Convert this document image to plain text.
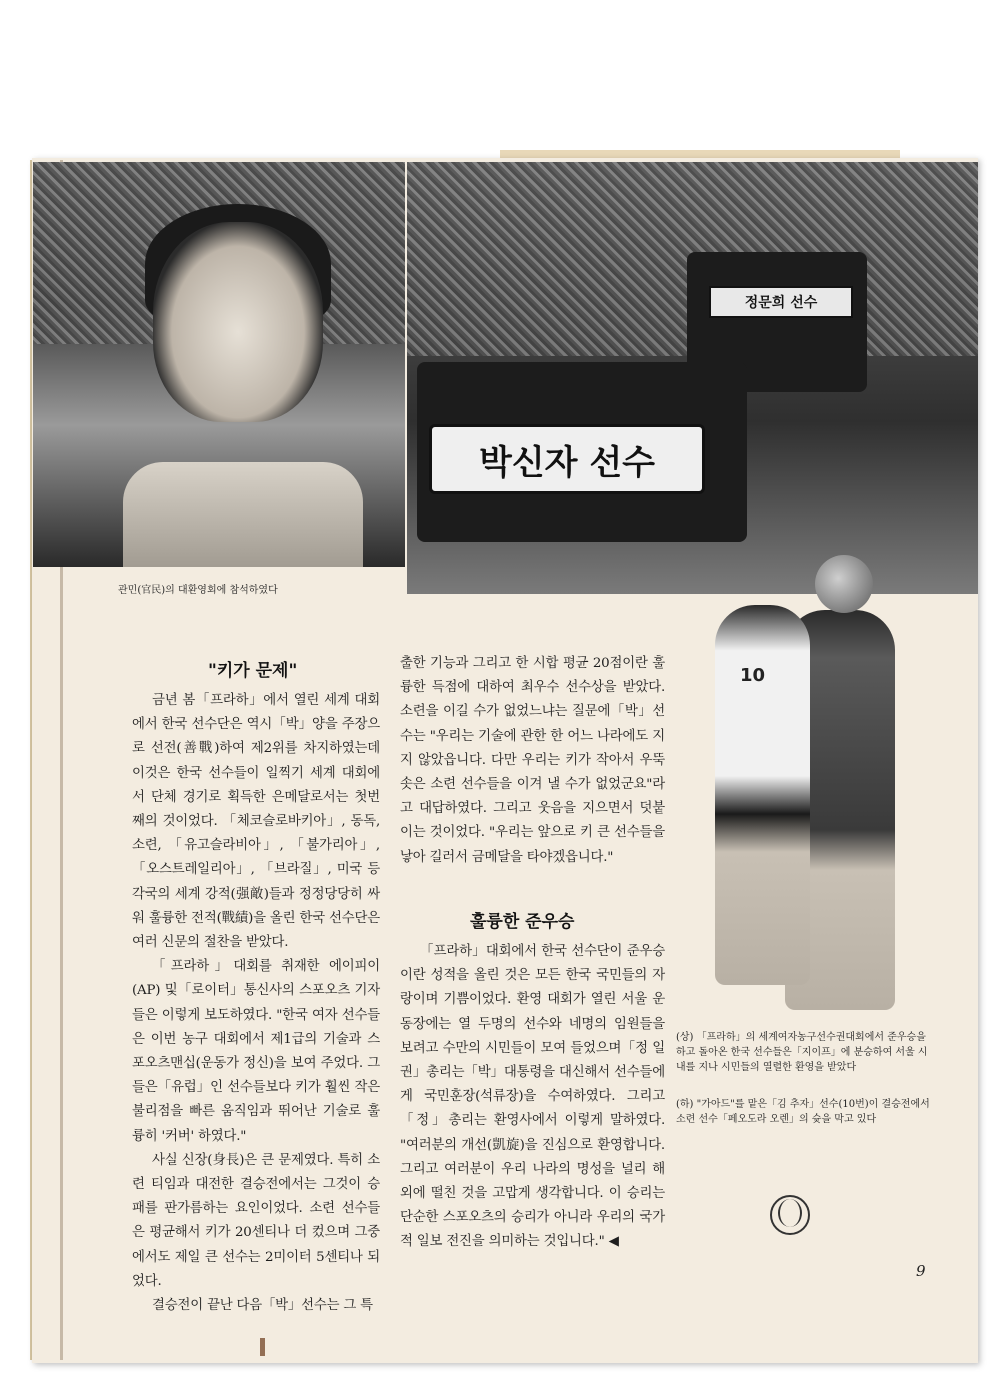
정문희 선수
박신자 선수
10
관민(官民)의 대환영회에 참석하였다
"키가 문제"

금년 봄「프라하」에서 열린 세계 대회에서 한국 선수단은 역시「박」양을 주장으로 선전(善戰)하여 제2위를 차지하였는데 이것은 한국 선수들이 일찍기 세계 대회에서 단체 경기로 획득한 은메달로서는 첫번째의 것이었다. 「체코슬로바키아」, 동독, 소련, 「유고슬라비아」, 「불가리아」, 「오스트레일리아」, 「브라질」, 미국 등 각국의 세계 강적(强敵)들과 정정당당히 싸워 훌륭한 전적(戰績)을 올린 한국 선수단은 여러 신문의 절찬을 받았다.

「프라하」대회를 취재한 에이피이(AP) 및「로이터」통신사의 스포오츠 기자들은 이렇게 보도하였다. "한국 여자 선수들은 이번 농구 대회에서 제1급의 기술과 스포오츠맨십(운동가 정신)을 보여 주었다. 그들은「유럽」인 선수들보다 키가 훨씬 작은 불리점을 빠른 움직임과 뛰어난 기술로 훌륭히 '커버' 하였다."

사실 신장(身長)은 큰 문제였다. 특히 소련 티임과 대전한 결승전에서는 그것이 승패를 판가름하는 요인이었다. 소련 선수들은 평균해서 키가 20센티나 더 컸으며 그중에서도 제일 큰 선수는 2미이터 5센티나 되었다.

결승전이 끝난 다음「박」선수는 그 특

출한 기능과 그리고 한 시합 평균 20점이란 훌륭한 득점에 대하여 최우수 선수상을 받았다. 소련을 이길 수가 없었느냐는 질문에「박」선수는 "우리는 기술에 관한 한 어느 나라에도 지지 않았읍니다. 다만 우리는 키가 작아서 우뚝 솟은 소련 선수들을 이겨 낼 수가 없었군요"라고 대답하였다. 그리고 웃음을 지으면서 덧붙이는 것이었다. "우리는 앞으로 키 큰 선수들을 낳아 길러서 금메달을 타야겠읍니다."

훌륭한 준우승

「프라하」대회에서 한국 선수단이 준우승이란 성적을 올린 것은 모든 한국 국민들의 자랑이며 기쁨이었다. 환영 대회가 열린 서울 운동장에는 열 두명의 선수와 네명의 임원들을 보려고 수만의 시민들이 모여 들었으며「정 일권」총리는「박」대통령을 대신해서 선수들에게 국민훈장(석류장)을 수여하였다. 그리고「정」총리는 환영사에서 이렇게 말하였다. "여러분의 개선(凱旋)을 진심으로 환영합니다. 그리고 여러분이 우리 나라의 명성을 널리 해외에 떨친 것을 고맙게 생각합니다. 이 승리는 단순한 스포오츠의 승리가 아니라 우리의 국가적 일보 전진을 의미하는 것입니다." ◀

(상) 「프라하」의 세계여자농구선수권대회에서 준우승을 하고 돌아온 한국 선수들은「지이프」에 분승하여 서울 시내를 지나 시민들의 열렬한 환영을 받았다
(하) "가아드"를 맡은「김 추자」선수(10번)이 결승전에서 소련 선수「페오도라 오렌」의 슛을 막고 있다
9
